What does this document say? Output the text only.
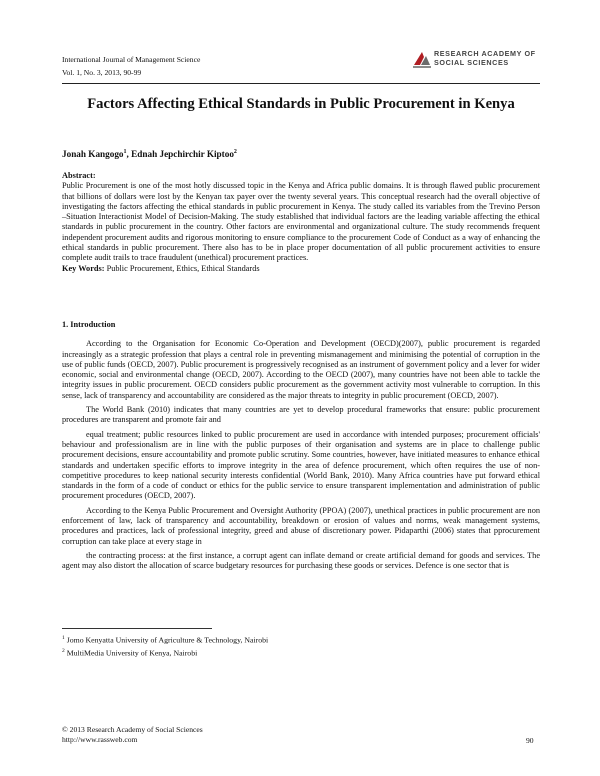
International Journal of Management Science
Vol. 1, No. 3, 2013, 90-99
RESEARCH ACADEMY OF
SOCIAL SCIENCES
Factors Affecting Ethical Standards in Public Procurement in Kenya
Jonah Kangogo$^1$, Ednah Jepchirchir Kiptoo$^2$
Abstract:
Public Procurement is one of the most hotly discussed topic in the Kenya and Africa public domains. It is through flawed public procurement that billions of dollars were lost by the Kenyan tax payer over the twenty several years. This conceptual research had the overall objective of investigating the factors affecting the ethical standards in public procurement in Kenya. The study called its variables from the Trevino Person –Situation Interactionist Model of Decision-Making. The study established that individual factors are the leading variable affecting the ethical standards in public procurement in the country. Other factors are environmental and organizational culture. The study recommends frequent independent procurement audits and rigorous monitoring to ensure compliance to the procurement Code of Conduct as a way of enhancing the ethical standards in public procurement. There also has to be in place proper documentation of all public procurement activities to ensure complete audit trails to trace fraudulent (unethical) procurement practices.
Key Words: Public Procurement, Ethics, Ethical Standards
1. Introduction
According to the Organisation for Economic Co-Operation and Development (OECD)(2007), public procurement is regarded increasingly as a strategic profession that plays a central role in preventing mismanagement and minimising the potential of corruption in the use of public funds (OECD, 2007). Public procurement is progressively recognised as an instrument of government policy and a lever for wider economic, social and environmental change (OECD, 2007). According to the OECD (2007), many countries have not been able to tackle the integrity issues in public procurement. OECD considers public procurement as the government activity most vulnerable to corruption. In this sense, lack of transparency and accountability are considered as the major threats to integrity in public procurement (OECD, 2007).
The World Bank (2010) indicates that many countries are yet to develop procedural frameworks that ensure: public procurement procedures are transparent and promote fair and
equal treatment; public resources linked to public procurement are used in accordance with intended purposes; procurement officials' behaviour and professionalism are in line with the public purposes of their organisation and systems are in place to challenge public procurement decisions, ensure accountability and promote public scrutiny. Some countries, however, have initiated measures to enhance ethical standards and undertaken specific efforts to improve integrity in the area of defence procurement, which often requires the use of non-competitive procedures to keep national security interests confidential (World Bank, 2010). Many Africa countries have put forward ethical standards in the form of a code of conduct or ethics for the public service to ensure transparent implementation and administration of public procurement procedures (OECD, 2007).
According to the Kenya Public Procurement and Oversight Authority (PPOA) (2007), unethical practices in public procurement are non enforcement of law, lack of transparency and accountability, breakdown or erosion of values and norms, weak management systems, procedures and practices, lack of professional integrity, greed and abuse of discretionary power. Pidaparthi (2006) states that pprocurement corruption can take place at every stage in
the contracting process: at the first instance, a corrupt agent can inflate demand or create artificial demand for goods and services. The agent may also distort the allocation of scarce budgetary resources for purchasing these goods or services. Defence is one sector that is
$^1$ Jomo Kenyatta University of Agriculture & Technology, Nairobi
$^2$ MultiMedia University of Kenya, Nairobi
© 2013 Research Academy of Social Sciences
http://www.rassweb.com	90
